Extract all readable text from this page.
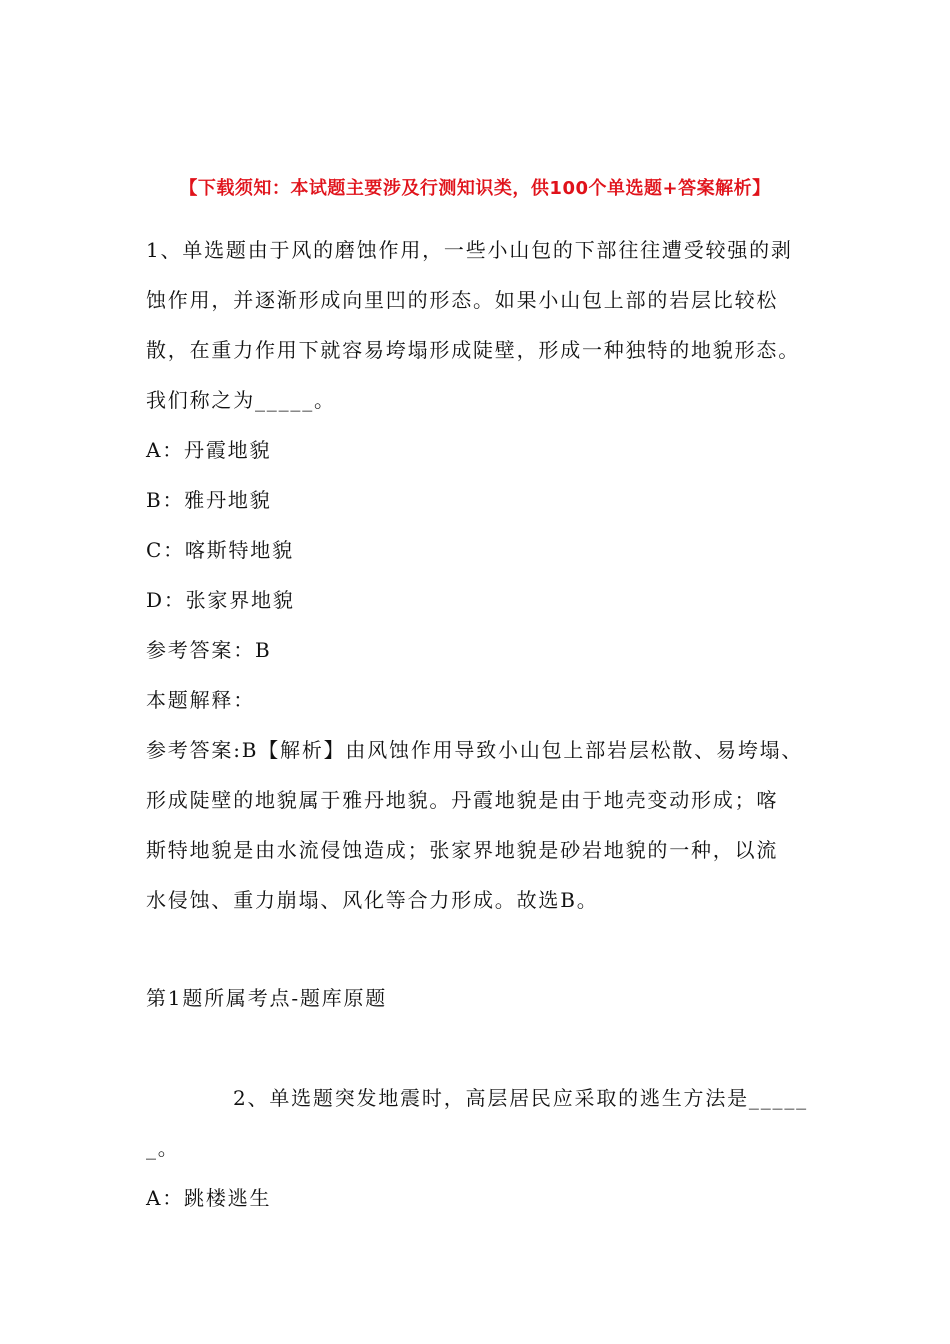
【下载须知：本试题主要涉及行测知识类，供100个单选题+答案解析】
1、单选题由于风的磨蚀作用，一些小山包的下部往往遭受较强的剥
蚀作用，并逐渐形成向里凹的形态。如果小山包上部的岩层比较松
散，在重力作用下就容易垮塌形成陡壁，形成一种独特的地貌形态。
我们称之为_____。
A：丹霞地貌
B：雅丹地貌
C：喀斯特地貌
D：张家界地貌
参考答案：B
本题解释：
参考答案:B【解析】由风蚀作用导致小山包上部岩层松散、易垮塌、
形成陡壁的地貌属于雅丹地貌。丹霞地貌是由于地壳变动形成；喀
斯特地貌是由水流侵蚀造成；张家界地貌是砂岩地貌的一种，以流
水侵蚀、重力崩塌、风化等合力形成。故选B。
第1题所属考点-题库原题
2、单选题突发地震时，高层居民应采取的逃生方法是_____
_。
A：跳楼逃生
